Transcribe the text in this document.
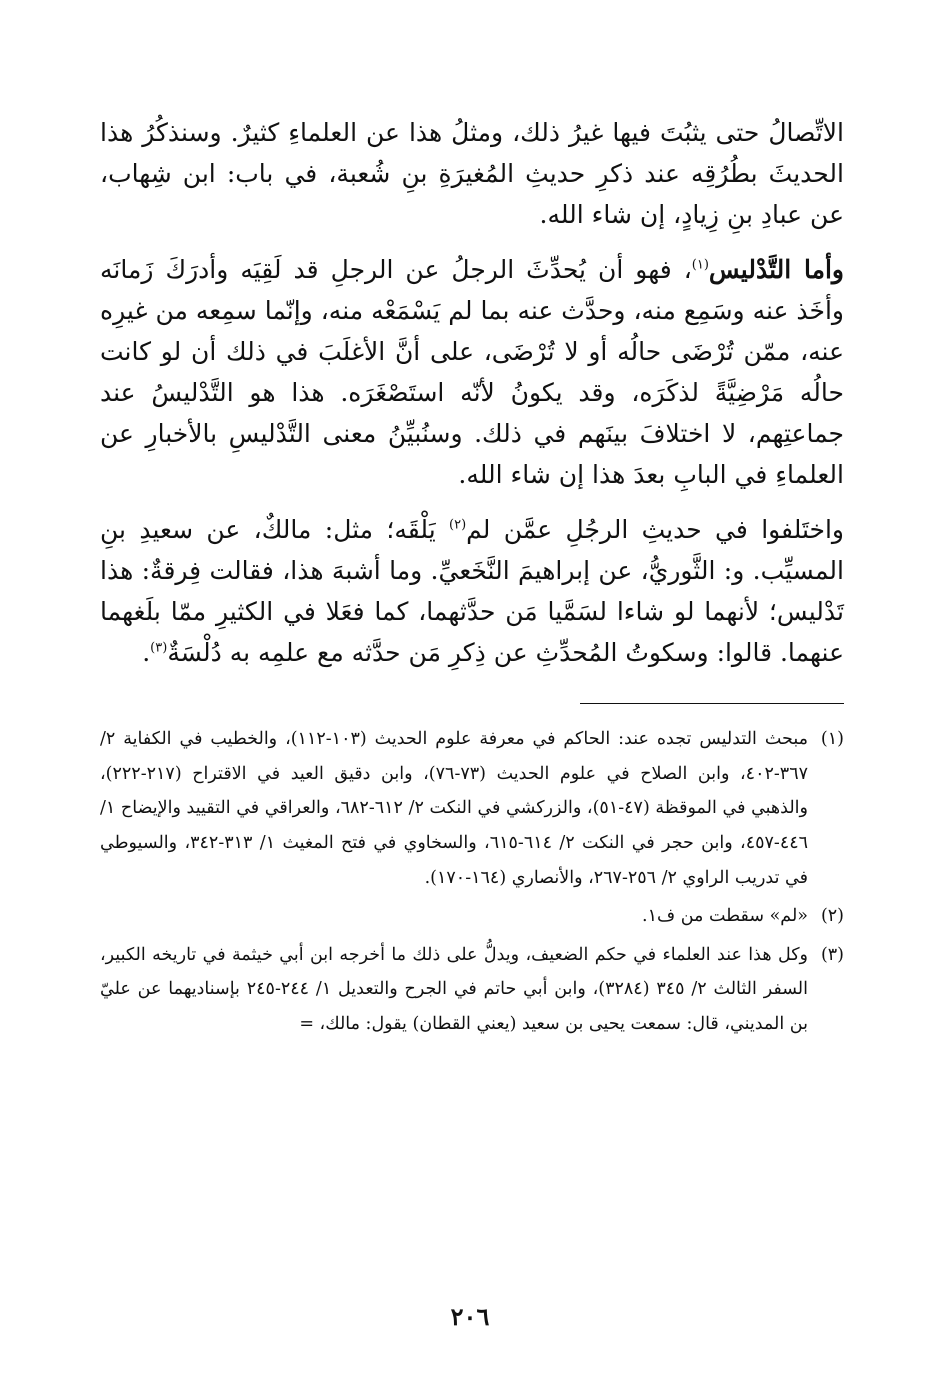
الاتِّصالُ حتى يثبُتَ فيها غيرُ ذلك، ومثلُ هذا عن العلماءِ كثيرٌ. وسنذكُرُ هذا الحديثَ بطُرُقِه عند ذكرِ حديثِ المُغيرَةِ بنِ شُعبة، في باب: ابن شِهاب، عن عبادِ بنِ زِيادٍ، إن شاء الله.

وأما التَّدْليس$^{(١)}$، فهو أن يُحدِّثَ الرجلُ عن الرجلِ قد لَقِيَه وأدرَكَ زَمانَه وأخَذ عنه وسَمِع منه، وحدَّث عنه بما لم يَسْمَعْه منه، وإنّما سمِعه من غيرِه عنه، ممّن تُرْضَى حالُه أو لا تُرْضَى، على أنَّ الأغلَبَ في ذلك أن لو كانت حالُه مَرْضِيَّةً لذكَرَه، وقد يكونُ لأنّه استَصْغَرَه. هذا هو التَّدْليسُ عند جماعتِهم، لا اختلافَ بينَهم في ذلك. وسنُبيِّنُ معنى التَّدْليسِ بالأخبارِ عن العلماءِ في البابِ بعدَ هذا إن شاء الله.

واختَلفوا في حديثِ الرجُلِ عمَّن لم$^{(٢)}$ يَلْقَه؛ مثل: مالكٌ، عن سعيدِ بنِ المسيِّب. و: الثَّوريُّ، عن إبراهيمَ النَّخَعيِّ. وما أشبهَ هذا، فقالت فِرقةٌ: هذا تَدْليس؛ لأنهما لو شاءا لسَمَّيا مَن حدَّثهما، كما فعَلا في الكثيرِ ممّا بلَغهما عنهما. قالوا: وسكوتُ المُحدِّثِ عن ذِكرِ مَن حدَّثه مع علمِه به دُلْسَةٌ$^{(٣)}$.

(١)مبحث التدليس تجده عند: الحاكم في معرفة علوم الحديث (١٠٣-١١٢)، والخطيب في الكفاية ٢/ ٣٦٧-٤٠٢، وابن الصلاح في علوم الحديث (٧٣-٧٦)، وابن دقيق العيد في الاقتراح (٢١٧-٢٢٢)، والذهبي في الموقظة (٤٧-٥١)، والزركشي في النكت ٢/ ٦١٢-٦٨٢، والعراقي في التقييد والإيضاح ١/ ٤٤٦-٤٥٧، وابن حجر في النكت ٢/ ٦١٤-٦١٥، والسخاوي في فتح المغيث ١/ ٣١٣-٣٤٢، والسيوطي في تدريب الراوي ٢/ ٢٥٦-٢٦٧، والأنصاري (١٦٤-١٧٠).

(٢)«لم» سقطت من ف١.

(٣)وكل هذا عند العلماء في حكم الضعيف، ويدلُّ على ذلك ما أخرجه ابن أبي خيثمة في تاريخه الكبير، السفر الثالث ٢/ ٣٤٥ (٣٢٨٤)، وابن أبي حاتم في الجرح والتعديل ١/ ٢٤٤-٢٤٥ بإسناديهما عن عليّ بن المديني، قال: سمعت يحيى بن سعيد (يعني القطان) يقول: مالك، =

٢٠٦
